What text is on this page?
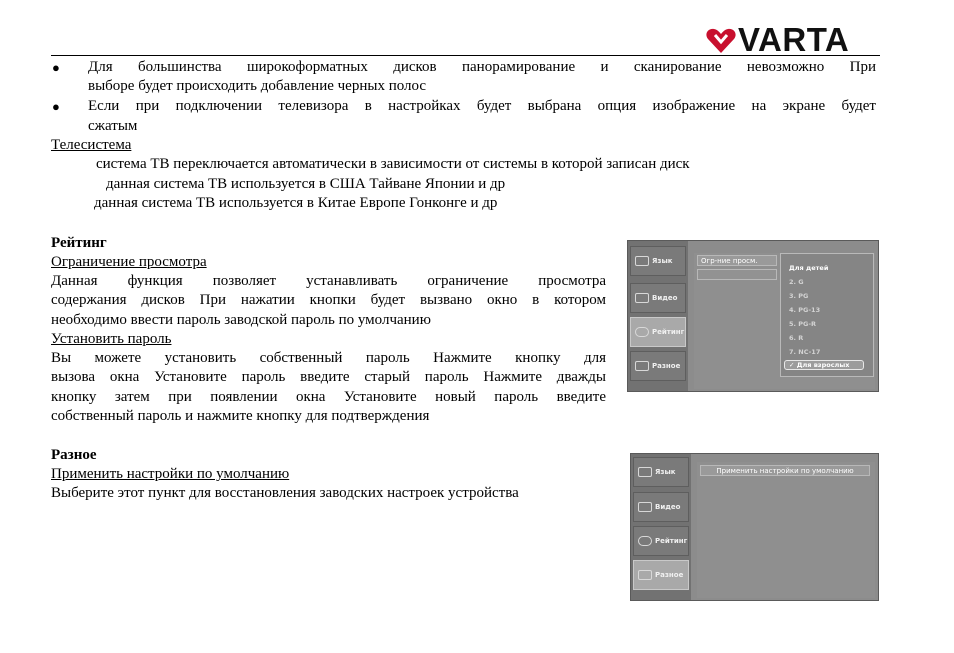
VARTA
● Для большинства широкоформатных дисков панорамирование и сканирование невозможно При
выборе будет происходить добавление черных полос
● Если при подключении телевизора в настройках будет выбрана опция изображение на экране будет
сжатым
Телесистема
система ТВ переключается автоматически в зависимости от системы в которой записан диск
данная система ТВ используется в США Тайване Японии и др
данная система ТВ используется в Китае Европе Гонконге и др
Рейтинг
Ограничение просмотра
Данная функция позволяет устанавливать ограничение просмотра
содержания дисков При нажатии кнопки будет вызвано окно в котором
необходимо ввести пароль заводской пароль по умолчанию
Установить пароль
Вы можете установить собственный пароль Нажмите кнопку для
вызова окна Установите пароль введите старый пароль Нажмите дважды
кнопку затем при появлении окна Установите новый пароль введите
собственный пароль и нажмите кнопку для подтверждения
Разное
Применить настройки по умолчанию
Выберите этот пункт для восстановления заводских настроек устройства
Язык
Видео
Рейтинг
Разное
Огр-ние просм.
Для детей
2. G
3. PG
4. PG-13
5. PG-R
6. R
7. NC-17
✓ Для взрослых
Язык
Видео
Рейтинг
Разное
Применить настройки по умолчанию
